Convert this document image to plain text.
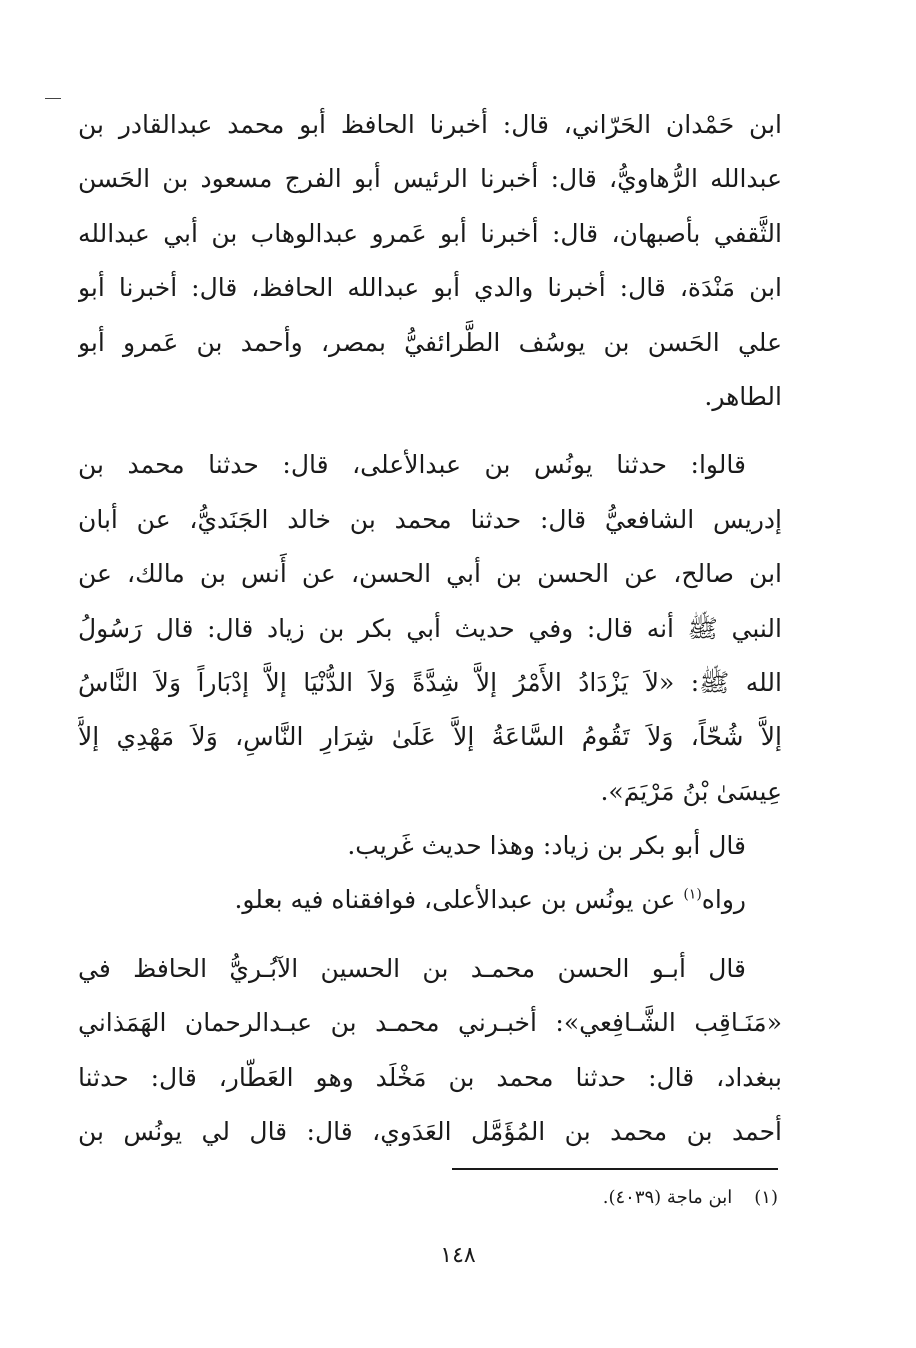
ابن حَمْدان الحَرّاني، قال: أخبرنا الحافظ أبو محمد عبدالقادر بن
عبدالله الرُّهاويُّ، قال: أخبرنا الرئيس أبو الفرج مسعود بن الحَسن
الثَّقفي بأصبهان، قال: أخبرنا أبو عَمرو عبدالوهاب بن أبي عبدالله
ابن مَنْدَة، قال: أخبرنا والدي أبو عبدالله الحافظ، قال: أخبرنا أبو
علي الحَسن بن يوسُف الطَّرائفيُّ بمصر، وأحمد بن عَمرو أبو
الطاهر.
قالوا: حدثنا يونُس بن عبدالأعلى، قال: حدثنا محمد بن
إدريس الشافعيُّ قال: حدثنا محمد بن خالد الجَنَديُّ، عن أبان
ابن صالح، عن الحسن بن أبي الحسن، عن أَنس بن مالك، عن
النبي ﷺ أنه قال: وفي حديث أبي بكر بن زياد قال: قال رَسُولُ
الله ﷺ: «لاَ يَزْدَادُ الأَمْرُ إلاَّ شِدَّةً وَلاَ الدُّنْيَا إلاَّ إدْبَاراً وَلاَ النَّاسُ
إلاَّ شُحّاً، وَلاَ تَقُومُ السَّاعَةُ إلاَّ عَلَىٰ شِرَارِ النَّاسِ، وَلاَ مَهْدِي إلاَّ
عِيسَىٰ بْنُ مَرْيَمَ».
قال أبو بكر بن زياد: وهذا حديث غَريب.
رواه$^{(١)}$ عن يونُس بن عبدالأعلى، فوافقناه فيه بعلو.
قال أبـو الحسن محمـد بن الحسين الآبُـريُّ الحافظ في
«مَنَـاقِب الشَّـافِعي»: أخبـرني محمـد بن عبـدالرحمان الهَمَذاني
ببغداد، قال: حدثنا محمد بن مَخْلَد وهو العَطّار، قال: حدثنا
أحمد بن محمد بن المُؤَمَّل العَدَوي، قال: قال لي يونُس بن
(١)ابن ماجة (٤٠٣٩).
١٤٨
